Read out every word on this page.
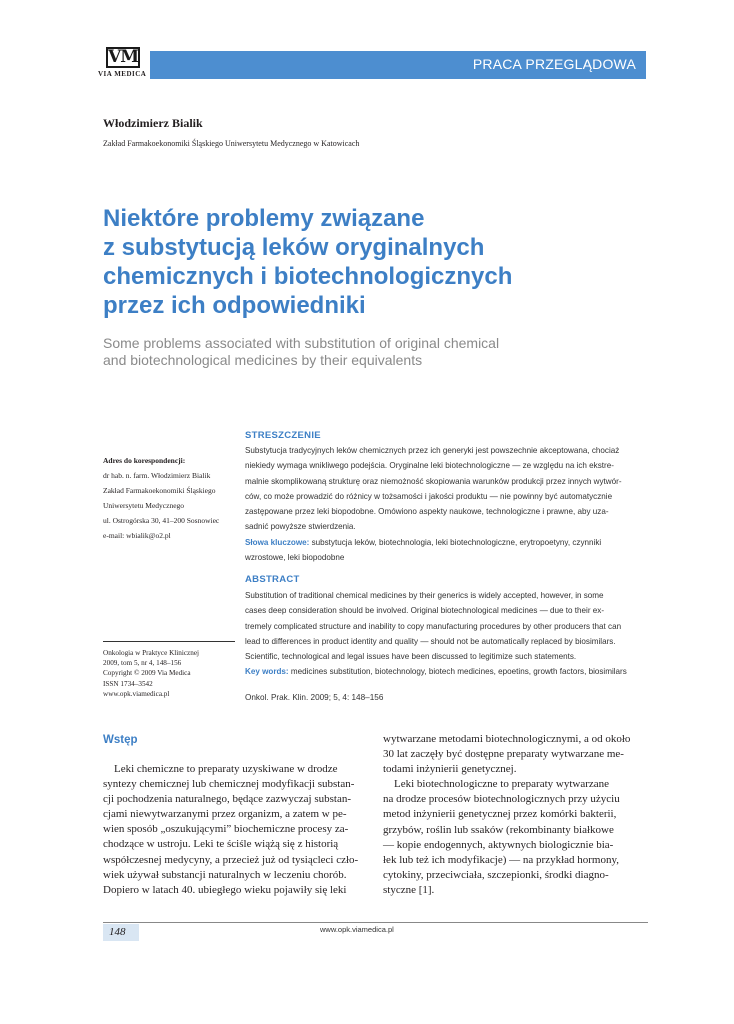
VM
VIA MEDICA
PRACA PRZEGLĄDOWA
Włodzimierz Bialik
Zakład Farmakoekonomiki Śląskiego Uniwersytetu Medycznego w Katowicach
Niektóre problemy związane
z substytucją leków oryginalnych
chemicznych i biotechnologicznych
przez ich odpowiedniki
Some problems associated with substitution of original chemical
and biotechnological medicines by their equivalents
Adres do korespondencji:
dr hab. n. farm. Włodzimierz Bialik
Zakład Farmakoekonomiki Śląskiego
Uniwersytetu Medycznego
ul. Ostrogórska 30, 41–200 Sosnowiec
e-mail: wbialik@o2.pl
Onkologia w Praktyce Klinicznej
2009, tom 5, nr 4, 148–156
Copyright © 2009 Via Medica
ISSN 1734–3542
www.opk.viamedica.pl
STRESZCZENIE
Substytucja tradycyjnych leków chemicznych przez ich generyki jest powszechnie akceptowana, chociaż
niekiedy wymaga wnikliwego podejścia. Oryginalne leki biotechnologiczne — ze względu na ich ekstre-
malnie skomplikowaną strukturę oraz niemożność skopiowania warunków produkcji przez innych wytwór-
ców, co może prowadzić do różnicy w tożsamości i jakości produktu — nie powinny być automatycznie
zastępowane przez leki biopodobne. Omówiono aspekty naukowe, technologiczne i prawne, aby uza-
sadnić powyższe stwierdzenia.
Słowa kluczowe: substytucja leków, biotechnologia, leki biotechnologiczne, erytropoetyny, czynniki
wzrostowe, leki biopodobne
ABSTRACT
Substitution of traditional chemical medicines by their generics is widely accepted, however, in some
cases deep consideration should be involved. Original biotechnological medicines — due to their ex-
tremely complicated structure and inability to copy manufacturing procedures by other producers that can
lead to differences in product identity and quality — should not be automatically replaced by biosimilars.
Scientific, technological and legal issues have been discussed to legitimize such statements.
Key words: medicines substitution, biotechnology, biotech medicines, epoetins, growth factors, biosimilars
Onkol. Prak. Klin. 2009; 5, 4: 148–156
Wstęp
Leki chemiczne to preparaty uzyskiwane w drodze
syntezy chemicznej lub chemicznej modyfikacji substan-
cji pochodzenia naturalnego, będące zazwyczaj substan-
cjami niewytwarzanymi przez organizm, a zatem w pe-
wien sposób „oszukującymi” biochemiczne procesy za-
chodzące w ustroju. Leki te ściśle wiążą się z historią
współczesnej medycyny, a przecież już od tysiącleci czło-
wiek używał substancji naturalnych w leczeniu chorób.
Dopiero w latach 40. ubiegłego wieku pojawiły się leki
wytwarzane metodami biotechnologicznymi, a od około
30 lat zaczęły być dostępne preparaty wytwarzane me-
todami inżynierii genetycznej.
Leki biotechnologiczne to preparaty wytwarzane
na drodze procesów biotechnologicznych przy użyciu
metod inżynierii genetycznej przez komórki bakterii,
grzybów, roślin lub ssaków (rekombinanty białkowe
— kopie endogennych, aktywnych biologicznie bia-
łek lub też ich modyfikacje) — na przykład hormony,
cytokiny, przeciwciała, szczepionki, środki diagno-
styczne [1].
148	www.opk.viamedica.pl
